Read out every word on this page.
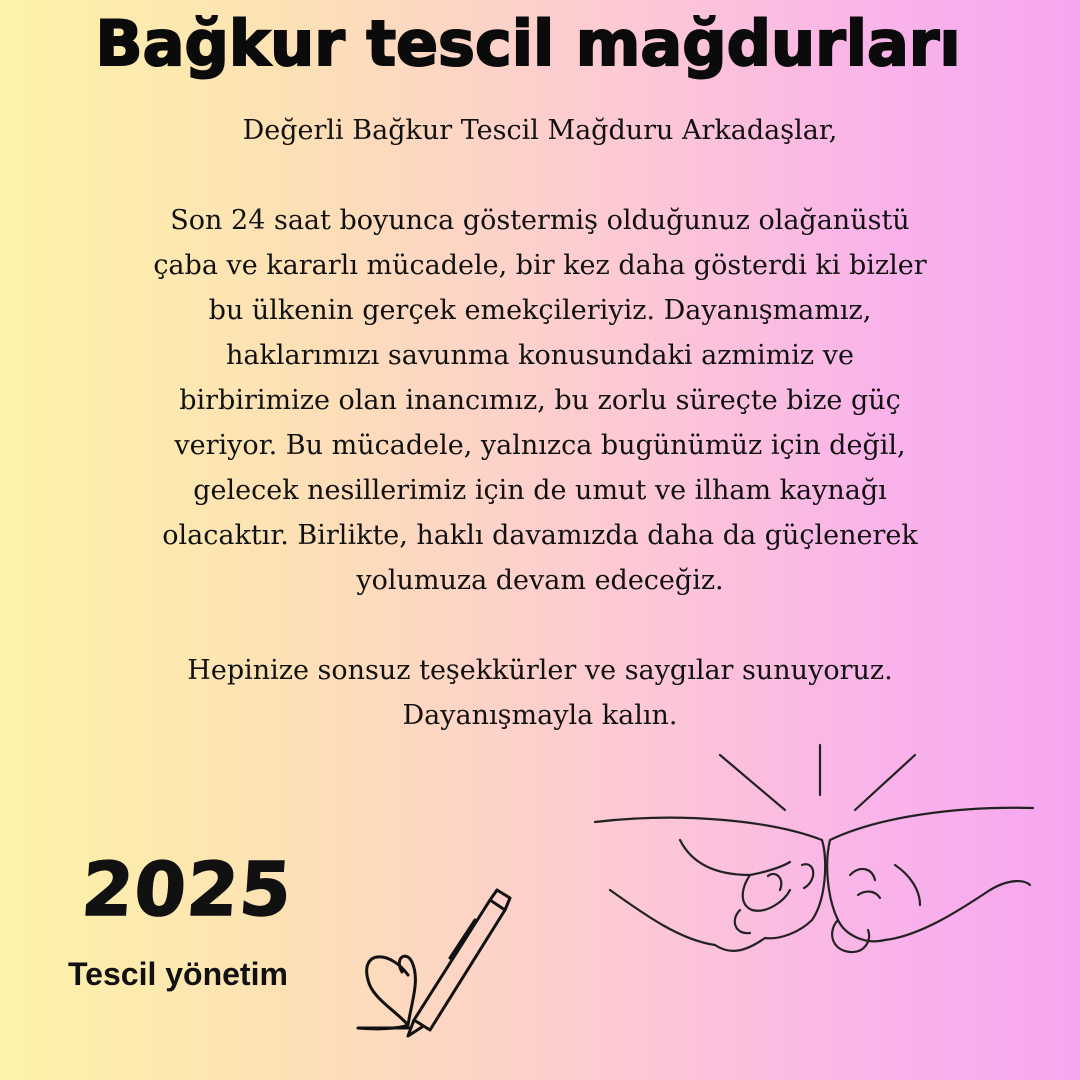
Bağkur tescil mağdurları

Değerli Bağkur Tescil Mağduru Arkadaşlar,

Son 24 saat boyunca göstermiş olduğunuz olağanüstü

çaba ve kararlı mücadele, bir kez daha gösterdi ki bizler

bu ülkenin gerçek emekçileriyiz. Dayanışmamız,

haklarımızı savunma konusundaki azmimiz ve

birbirimize olan inancımız, bu zorlu süreçte bize güç

veriyor. Bu mücadele, yalnızca bugünümüz için değil,

gelecek nesillerimiz için de umut ve ilham kaynağı

olacaktır. Birlikte, haklı davamızda daha da güçlenerek

yolumuza devam edeceğiz.

Hepinize sonsuz teşekkürler ve saygılar sunuyoruz.

Dayanışmayla kalın.

2025
Tescil yönetim
